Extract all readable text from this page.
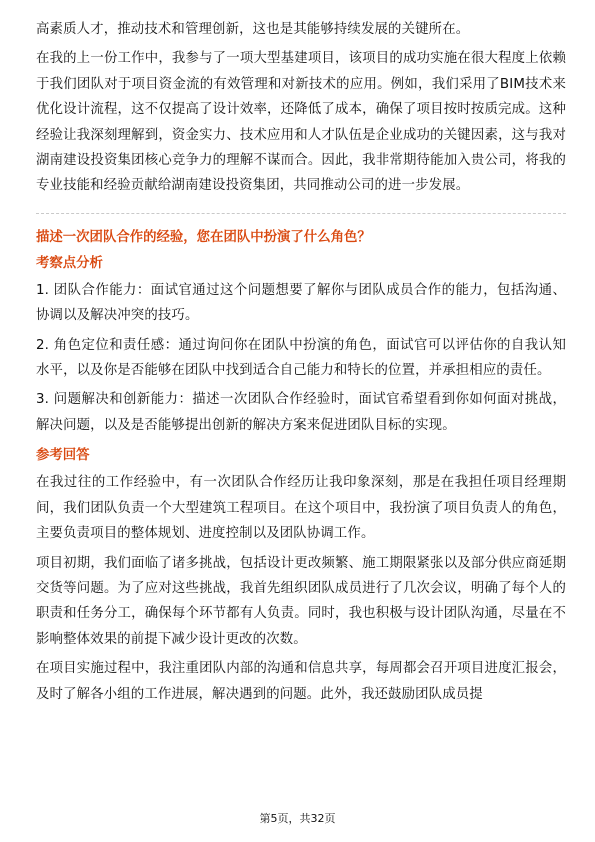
高素质人才，推动技术和管理创新，这也是其能够持续发展的关键所在。

在我的上一份工作中，我参与了一项大型基建项目，该项目的成功实施在很大程度上依赖于我们团队对于项目资金流的有效管理和对新技术的应用。例如，我们采用了BIM技术来优化设计流程，这不仅提高了设计效率，还降低了成本，确保了项目按时按质完成。这种经验让我深刻理解到，资金实力、技术应用和人才队伍是企业成功的关键因素，这与我对湖南建设投资集团核心竞争力的理解不谋而合。因此，我非常期待能加入贵公司，将我的专业技能和经验贡献给湖南建设投资集团，共同推动公司的进一步发展。

描述一次团队合作的经验，您在团队中扮演了什么角色？
考察点分析

1. 团队合作能力：面试官通过这个问题想要了解你与团队成员合作的能力，包括沟通、协调以及解决冲突的技巧。

2. 角色定位和责任感：通过询问你在团队中扮演的角色，面试官可以评估你的自我认知水平，以及你是否能够在团队中找到适合自己能力和特长的位置，并承担相应的责任。

3. 问题解决和创新能力：描述一次团队合作经验时，面试官希望看到你如何面对挑战，解决问题，以及是否能够提出创新的解决方案来促进团队目标的实现。

参考回答

在我过往的工作经验中，有一次团队合作经历让我印象深刻，那是在我担任项目经理期间，我们团队负责一个大型建筑工程项目。在这个项目中，我扮演了项目负责人的角色，主要负责项目的整体规划、进度控制以及团队协调工作。

项目初期，我们面临了诸多挑战，包括设计更改频繁、施工期限紧张以及部分供应商延期交货等问题。为了应对这些挑战，我首先组织团队成员进行了几次会议，明确了每个人的职责和任务分工，确保每个环节都有人负责。同时，我也积极与设计团队沟通，尽量在不影响整体效果的前提下减少设计更改的次数。

在项目实施过程中，我注重团队内部的沟通和信息共享，每周都会召开项目进度汇报会，及时了解各小组的工作进展，解决遇到的问题。此外，我还鼓励团队成员提

第5页，共32页
